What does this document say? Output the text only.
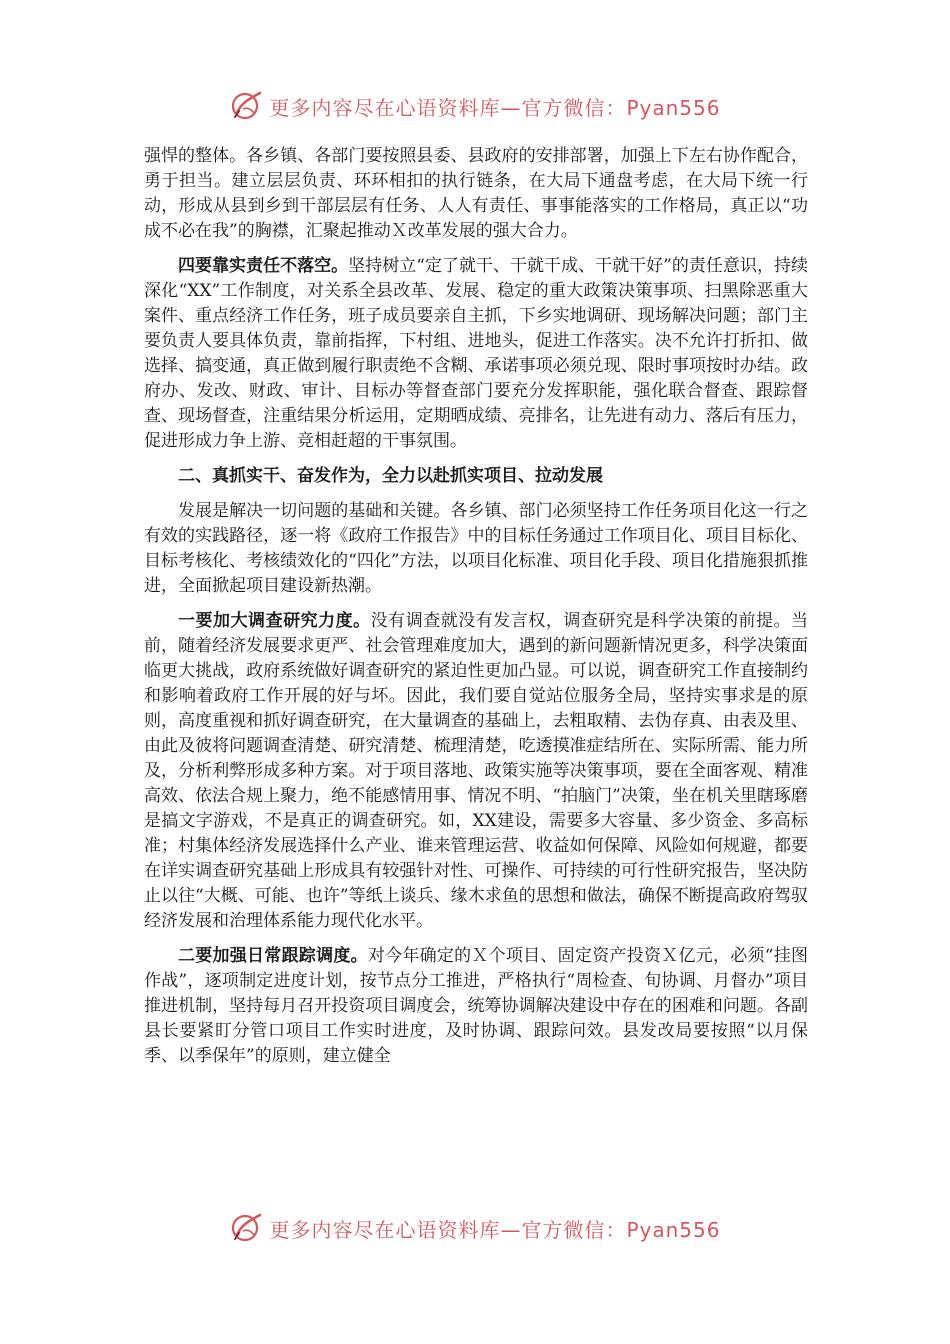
更多内容尽在心语资料库—官方微信：Pyan556

强悍的整体。各乡镇、各部门要按照县委、县政府的安排部署，加强上下左右协作配合，勇于担当。建立层层负责、环环相扣的执行链条，在大局下通盘考虑，在大局下统一行动，形成从县到乡到干部层层有任务、人人有责任、事事能落实的工作格局，真正以“功成不必在我”的胸襟，汇聚起推动Ｘ改革发展的强大合力。

四要靠实责任不落空。坚持树立“定了就干、干就干成、干就干好”的责任意识，持续深化“XX”工作制度，对关系全县改革、发展、稳定的重大政策决策事项、扫黑除恶重大案件、重点经济工作任务，班子成员要亲自主抓，下乡实地调研、现场解决问题；部门主要负责人要具体负责，靠前指挥，下村组、进地头，促进工作落实。决不允许打折扣、做选择、搞变通，真正做到履行职责绝不含糊、承诺事项必须兑现、限时事项按时办结。政府办、发改、财政、审计、目标办等督查部门要充分发挥职能，强化联合督查、跟踪督查、现场督查，注重结果分析运用，定期晒成绩、亮排名，让先进有动力、落后有压力，促进形成力争上游、竞相赶超的干事氛围。

二、真抓实干、奋发作为，全力以赴抓实项目、拉动发展

发展是解决一切问题的基础和关键。各乡镇、部门必须坚持工作任务项目化这一行之有效的实践路径，逐一将《政府工作报告》中的目标任务通过工作项目化、项目目标化、目标考核化、考核绩效化的“四化”方法，以项目化标准、项目化手段、项目化措施狠抓推进，全面掀起项目建设新热潮。

一要加大调查研究力度。没有调查就没有发言权，调查研究是科学决策的前提。当前，随着经济发展要求更严、社会管理难度加大，遇到的新问题新情况更多，科学决策面临更大挑战，政府系统做好调查研究的紧迫性更加凸显。可以说，调查研究工作直接制约和影响着政府工作开展的好与坏。因此，我们要自觉站位服务全局，坚持实事求是的原则，高度重视和抓好调查研究，在大量调查的基础上，去粗取精、去伪存真、由表及里、由此及彼将问题调查清楚、研究清楚、梳理清楚，吃透摸准症结所在、实际所需、能力所及，分析利弊形成多种方案。对于项目落地、政策实施等决策事项，要在全面客观、精准高效、依法合规上聚力，绝不能感情用事、情况不明、“拍脑门”决策，坐在机关里瞎琢磨是搞文字游戏，不是真正的调查研究。如，XX建设，需要多大容量、多少资金、多高标准；村集体经济发展选择什么产业、谁来管理运营、收益如何保障、风险如何规避，都要在详实调查研究基础上形成具有较强针对性、可操作、可持续的可行性研究报告，坚决防止以往“大概、可能、也许”等纸上谈兵、缘木求鱼的思想和做法，确保不断提高政府驾驭经济发展和治理体系能力现代化水平。

二要加强日常跟踪调度。对今年确定的Ｘ个项目、固定资产投资Ｘ亿元，必须“挂图作战”，逐项制定进度计划，按节点分工推进，严格执行“周检查、旬协调、月督办”项目推进机制，坚持每月召开投资项目调度会，统筹协调解决建设中存在的困难和问题。各副县长要紧盯分管口项目工作实时进度，及时协调、跟踪问效。县发改局要按照“以月保季、以季保年”的原则，建立健全

更多内容尽在心语资料库—官方微信：Pyan556
